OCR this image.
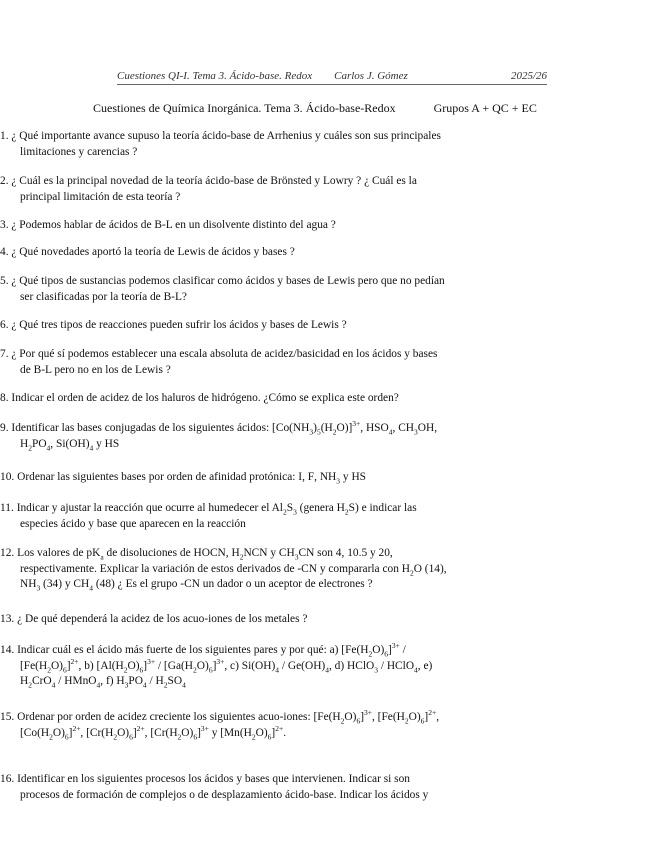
Cuestiones QI-I. Tema 3. Ácido-base. Redox Carlos J. Gómez	2025/26
Cuestiones de Química Inorgánica. Tema 3. Ácido-base-Redox	Grupos A + QC + EC
1. ¿ Qué importante avance supuso la teoría ácido-base de Arrhenius y cuáles son sus principales
limitaciones y carencias ?
2. ¿ Cuál es la principal novedad de la teoría ácido-base de Brönsted y Lowry ? ¿ Cuál es la
principal limitación de esta teoría ?
3. ¿ Podemos hablar de ácidos de B-L en un disolvente distinto del agua ?
4. ¿ Qué novedades aportó la teoría de Lewis de ácidos y bases ?
5. ¿ Qué tipos de sustancias podemos clasificar como ácidos y bases de Lewis pero que no pedían
ser clasificadas por la teoría de B-L?
6. ¿ Qué tres tipos de reacciones pueden sufrir los ácidos y bases de Lewis ?
7. ¿ Por qué sí podemos establecer una escala absoluta de acidez/basicidad en los ácidos y bases
de B-L pero no en los de Lewis ?
8. Indicar el orden de acidez de los haluros de hidrógeno. ¿Cómo se explica este orden?
9. Identificar las bases conjugadas de los siguientes ácidos: $[Co(NH_3)_5(H_2O)]^{3+}$, $HSO_4$, $CH_3OH$,
$H_2PO_4$, $Si(OH)_4$ y HS
10. Ordenar las siguientes bases por orden de afinidad protónica: I, F, $NH_3$ y HS
11. Indicar y ajustar la reacción que ocurre al humedecer el $Al_2S_3$ (genera $H_2S$) e indicar las
especies ácido y base que aparecen en la reacción
12. Los valores de $pK_a$ de disoluciones de HOCN, $H_2NCN$ y $CH_3CN$ son 4, 10.5 y 20,
respectivamente. Explicar la variación de estos derivados de -CN y compararla con $H_2O$ (14),
$NH_3$ (34) y $CH_4$ (48) ¿ Es el grupo -CN un dador o un aceptor de electrones ?
13. ¿ De qué dependerá la acidez de los acuo-iones de los metales ?
14. Indicar cuál es el ácido más fuerte de los siguientes pares y por qué: a) $[Fe(H_2O)_6]^{3+}$ /
$[Fe(H_2O)_6]^{2+}$, b) $[Al(H_2O)_6]^{3+} / [Ga(H_2O)_6]^{3+}$, c) $Si(OH)_4 / Ge(OH)_4$, d) HClO$_3$ / HClO$_4$, e)
$H_2CrO_4$ / HMnO$_4$, f) $H_3PO_4 / H_2SO_4$
15. Ordenar por orden de acidez creciente los siguientes acuo-iones: $[Fe(H_2O)_6]^{3+}$, $[Fe(H_2O)_6]^{2+}$,
$[Co(H_2O)_6]^{2+}$, $[Cr(H_2O)_6]^{2+}$, $[Cr(H_2O)_6]^{3+}$ y $[Mn(H_2O)_6]^{2+}$.
16. Identificar en los siguientes procesos los ácidos y bases que intervienen. Indicar si son
procesos de formación de complejos o de desplazamiento ácido-base. Indicar los ácidos y
